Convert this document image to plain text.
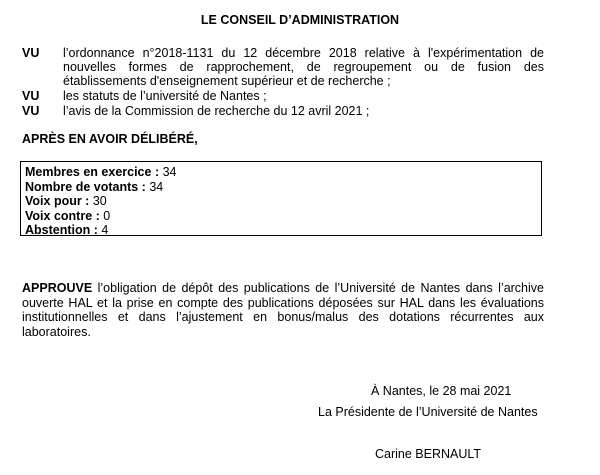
LE CONSEIL D’ADMINISTRATION
VU l’ordonnance n°2018-1131 du 12 décembre 2018 relative à l'expérimentation de nouvelles formes de rapprochement, de regroupement ou de fusion des établissements d'enseignement supérieur et de recherche ;
VU les statuts de l’université de Nantes ;
VU l’avis de la Commission de recherche du 12 avril 2021 ;
APRÈS EN AVOIR DÉLIBÉRÉ,
Membres en exercice : 34
Nombre de votants : 34
Voix pour : 30
Voix contre : 0
Abstention : 4
APPROUVE l’obligation de dépôt des publications de l’Université de Nantes dans l’archive ouverte HAL et la prise en compte des publications déposées sur HAL dans les évaluations institutionnelles et dans l’ajustement en bonus/malus des dotations récurrentes aux laboratoires.
À Nantes, le 28 mai 2021
La Présidente de l’Université de Nantes
Carine BERNAULT
